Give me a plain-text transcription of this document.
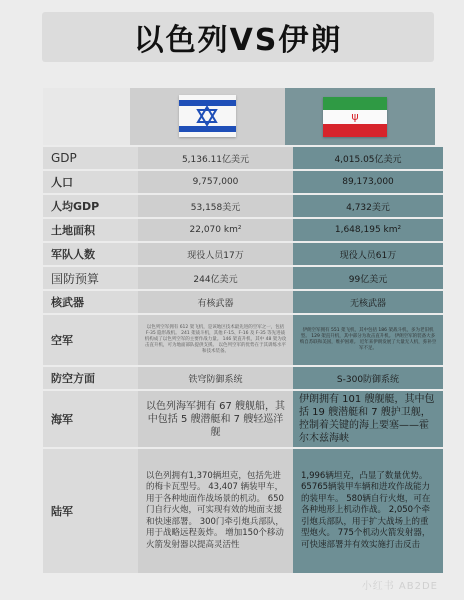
以色列VS伊朗
ψ
GDP	5,136.11亿美元	4,015.05亿美元
人口	9,757,000	89,173,000
人均GDP	53,158美元	4,732美元
土地面积	22,070 km²	1,648,195 km²
军队人数	现役人员17万	现役人员61万
国防预算	244亿美元	99亿美元
核武器	有核武器	无核武器
空军	以色列空军拥有 612 架飞机，是该地区技术最先进的空军之一，包括 F-35 隐形战机。 241 架战斗机，其他 F-15、F-16 及 F-35 等先进战机构成了以色列空军的主要作战力量。 146 架直升机，其中 48 架为攻击直升机，可为地面部队提供支援。 以色列空军的优势在于其训练水平和技术装备。	伊朗空军拥有 551 架飞机，其中包括 186 架战斗机，多为老旧机型。 129 架直升机，其中部分为攻击直升机。 伊朗空军的装备大多购自苏联和美国，维护困难。 近年来伊朗发展了大量无人机，弥补空军不足。
防空方面	铁穹防御系统	S-300防御系统
海军	以色列海军拥有 67 艘舰船，其中包括 5 艘潜艇和 7 艘轻巡洋舰	伊朗拥有 101 艘舰艇，其中包括 19 艘潜艇和 7 艘护卫舰，控制着关键的海上要塞——霍尔木兹海峡
陆军	以色列拥有1,370辆坦克，包括先进的梅卡瓦型号。 43,407 辆装甲车，用于各种地面作战场景的机动。 650门自行火炮，可实现有效的地面支援和快速部署。 300门牵引炮兵部队，用于战略远程轰炸。 增加150个移动火箭发射器以提高灵活性	1,996辆坦克，凸显了数量优势。 65765辆装甲车辆和进攻作战能力的装甲车。 580辆自行火炮，可在各种地形上机动作战。 2,050个牵引炮兵部队，用于扩大战场上的重型炮火。 775个机动火箭发射器，可快速部署并有效实施打击反击
小红书 AB2DE
